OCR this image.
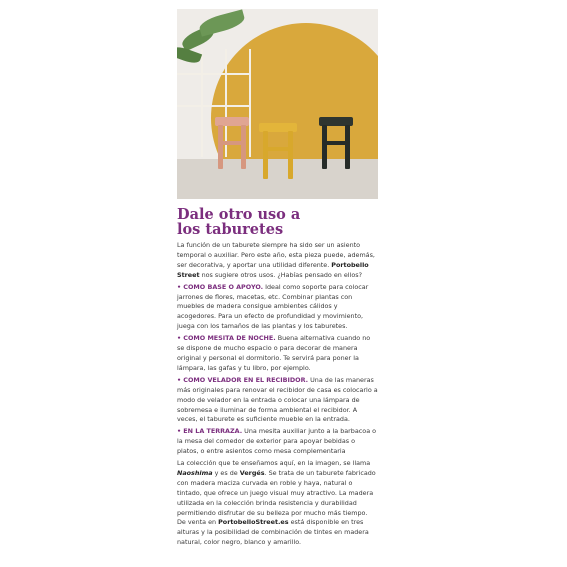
Dale otro uso a
los taburetes

La función de un taburete siempre ha sido ser un asiento temporal o auxiliar. Pero este año, esta pieza puede, además, ser decorativa, y aportar una utilidad diferente. Portobello Street nos sugiere otros usos. ¿Habías pensado en ellos?

• COMO BASE O APOYO. Ideal como soporte para colocar jarrones de flores, macetas, etc. Combinar plantas con muebles de madera consigue ambientes cálidos y acogedores. Para un efecto de profundidad y movimiento, juega con los tamaños de las plantas y los taburetes.

• COMO MESITA DE NOCHE. Buena alternativa cuando no se dispone de mucho espacio o para decorar de manera original y personal el dormitorio. Te servirá para poner la lámpara, las gafas y tu libro, por ejemplo.

• COMO VELADOR EN EL RECIBIDOR. Una de las maneras más originales para renovar el recibidor de casa es colocarlo a modo de velador en la entrada o colocar una lámpara de sobremesa e iluminar de forma ambiental el recibidor. A veces, el taburete es suficiente mueble en la entrada.

• EN LA TERRAZA. Una mesita auxiliar junto a la barbacoa o la mesa del comedor de exterior para apoyar bebidas o platos, o entre asientos como mesa complementaria

La colección que te enseñamos aquí, en la imagen, se llama Naoshima y es de Vergés. Se trata de un taburete fabricado con madera maciza curvada en roble y haya, natural o tintado, que ofrece un juego visual muy atractivo. La madera utilizada en la colección brinda resistencia y durabilidad permitiendo disfrutar de su belleza por mucho más tiempo. De venta en PortobelloStreet.es está disponible en tres alturas y la posibilidad de combinación de tintes en madera natural, color negro, blanco y amarillo.
